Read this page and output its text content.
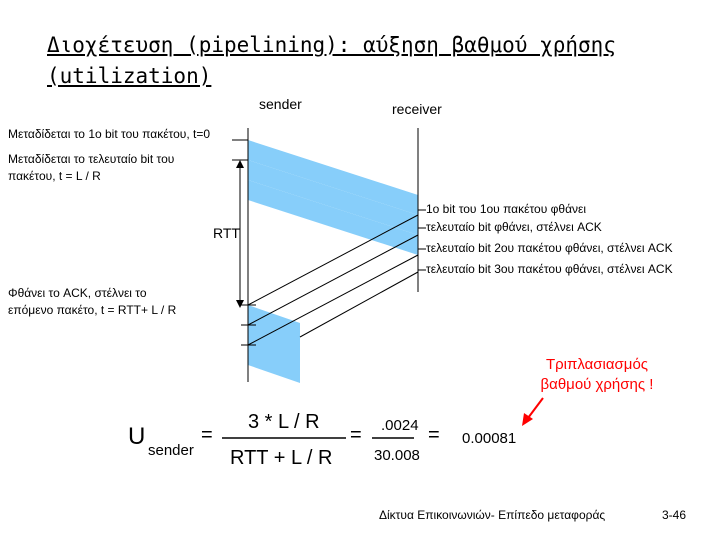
Διοχέτευση (pipelining): αύξηση βαθμού χρήσης
(utilization)
sender	receiver
Μεταδίδεται το 1ο bit του πακέτου, t=0
Μεταδίδεται το τελευταίο bit του
πακέτου, t = L / R
RTT
Φθάνει το ACK, στέλνει το
επόμενο πακέτο, t = RTT+ L / R
1ο bit του 1ου πακέτου φθάνει
τελευταίο bit φθάνει, στέλνει ACK
τελευταίο bit 2ου πακέτου φθάνει, στέλνει ACK
τελευταίο bit 3ου πακέτου φθάνει, στέλνει ACK
Τριπλασιασμός
βαθμού χρήσης !
U
sender
=
3 * L / R
RTT + L / R
= .0024
30.008
= 0.00081
Δίκτυα Επικοινωνιών- Επίπεδο μεταφοράς	3-46
